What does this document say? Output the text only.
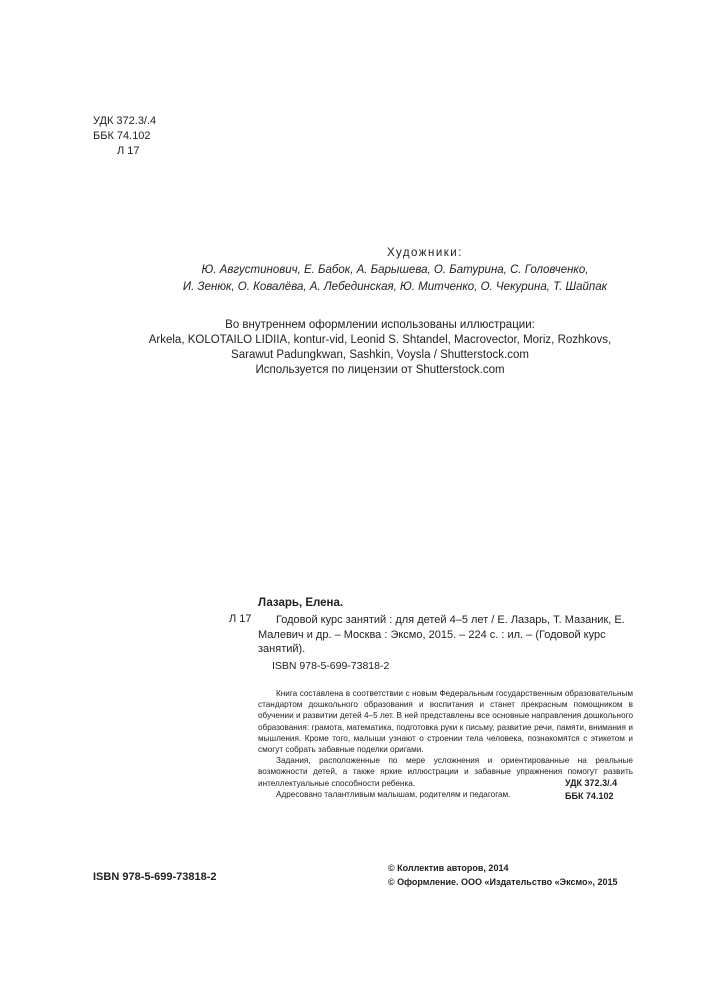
УДК 372.3/.4
ББК 74.102
Л 17
Художники:
Ю. Августинович, Е. Бабок, А. Барышева, О. Батурина, С. Головченко,
И. Зенюк, О. Ковалёва, А. Лебединская, Ю. Митченко, О. Чекурина, Т. Шайпак
Во внутреннем оформлении использованы иллюстрации:
Arkela, KOLOTAILO LIDIIA, kontur-vid, Leonid S. Shtandel, Macrovector, Moriz, Rozhkovs,
Sarawut Padungkwan, Sashkin, Voysla / Shutterstock.com
Используется по лицензии от Shutterstock.com
Лазарь, Елена.
Л 17	Годовой курс занятий : для детей 4–5 лет / Е. Лазарь, Т. Мазаник, Е. Малевич и др. – Москва : Эксмо, 2015. – 224 с. : ил. – (Годовой курс занятий).
ISBN 978-5-699-73818-2

Книга составлена в соответствии с новым Федеральным государственным образовательным стандартом дошкольного образования и воспитания и станет прекрасным помощником в обучении и развитии детей 4–5 лет. В ней представлены все основные направления дошкольного образования: грамота, математика, подготовка руки к письму, развитие речи, памяти, внимания и мышления. Кроме того, малыши узнают о строении тела человека, познакомятся с этикетом и смогут собрать забавные поделки оригами.

Задания, расположенные по мере усложнения и ориентированные на реальные возможности детей, а также яркие иллюстрации и забавные упражнения помогут развить интеллектуальные способности ребенка.

Адресовано талантливым малышам, родителям и педагогам.

УДК 372.3/.4
ББК 74.102
ISBN 978-5-699-73818-2
© Коллектив авторов, 2014
© Оформление. ООО «Издательство «Эксмо», 2015
